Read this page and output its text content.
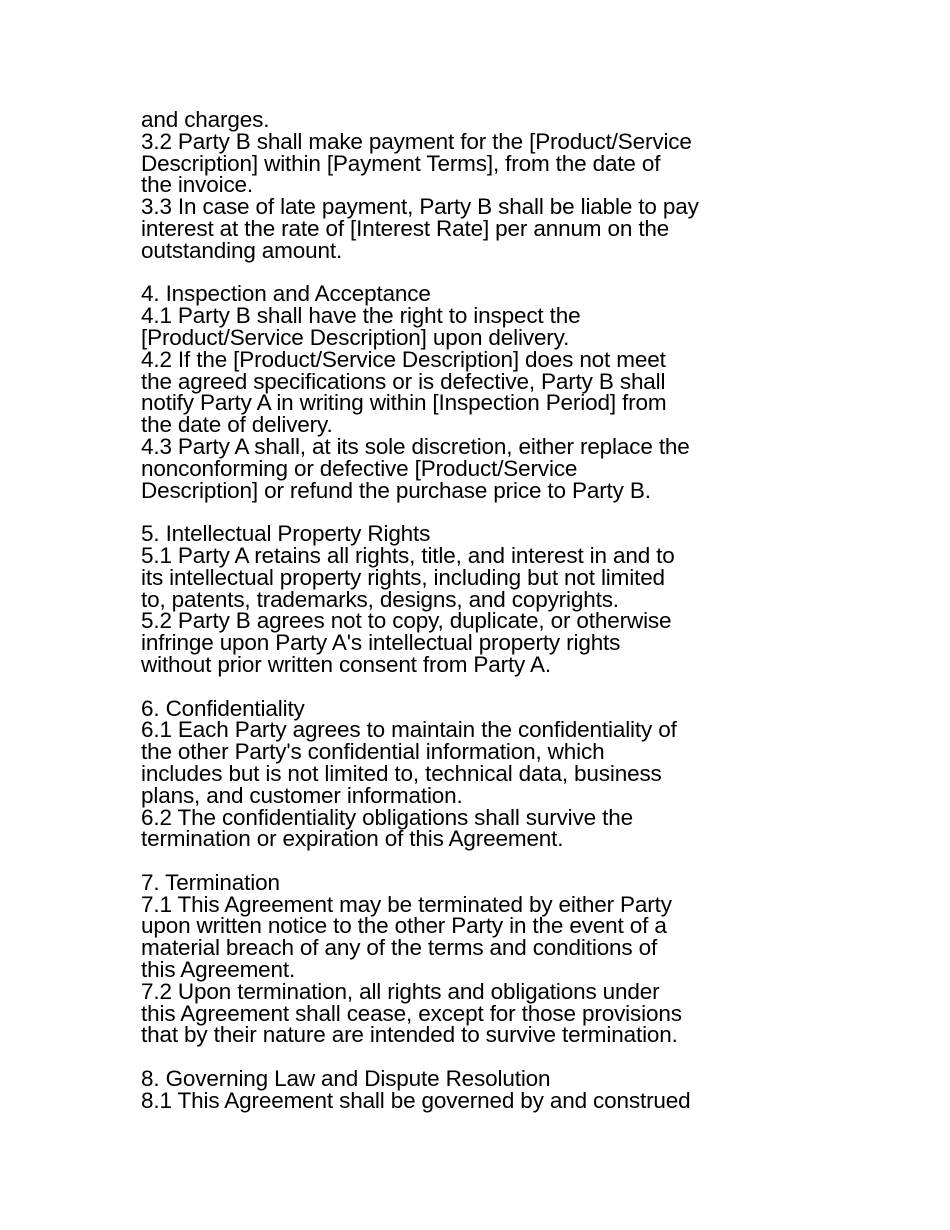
and charges.
3.2 Party B shall make payment for the [Product/Service
Description] within [Payment Terms], from the date of
the invoice.
3.3 In case of late payment, Party B shall be liable to pay
interest at the rate of [Interest Rate] per annum on the
outstanding amount.
4. Inspection and Acceptance
4.1 Party B shall have the right to inspect the
[Product/Service Description] upon delivery.
4.2 If the [Product/Service Description] does not meet
the agreed specifications or is defective, Party B shall
notify Party A in writing within [Inspection Period] from
the date of delivery.
4.3 Party A shall, at its sole discretion, either replace the
nonconforming or defective [Product/Service
Description] or refund the purchase price to Party B.
5. Intellectual Property Rights
5.1 Party A retains all rights, title, and interest in and to
its intellectual property rights, including but not limited
to, patents, trademarks, designs, and copyrights.
5.2 Party B agrees not to copy, duplicate, or otherwise
infringe upon Party A's intellectual property rights
without prior written consent from Party A.
6. Confidentiality
6.1 Each Party agrees to maintain the confidentiality of
the other Party's confidential information, which
includes but is not limited to, technical data, business
plans, and customer information.
6.2 The confidentiality obligations shall survive the
termination or expiration of this Agreement.
7. Termination
7.1 This Agreement may be terminated by either Party
upon written notice to the other Party in the event of a
material breach of any of the terms and conditions of
this Agreement.
7.2 Upon termination, all rights and obligations under
this Agreement shall cease, except for those provisions
that by their nature are intended to survive termination.
8. Governing Law and Dispute Resolution
8.1 This Agreement shall be governed by and construed
